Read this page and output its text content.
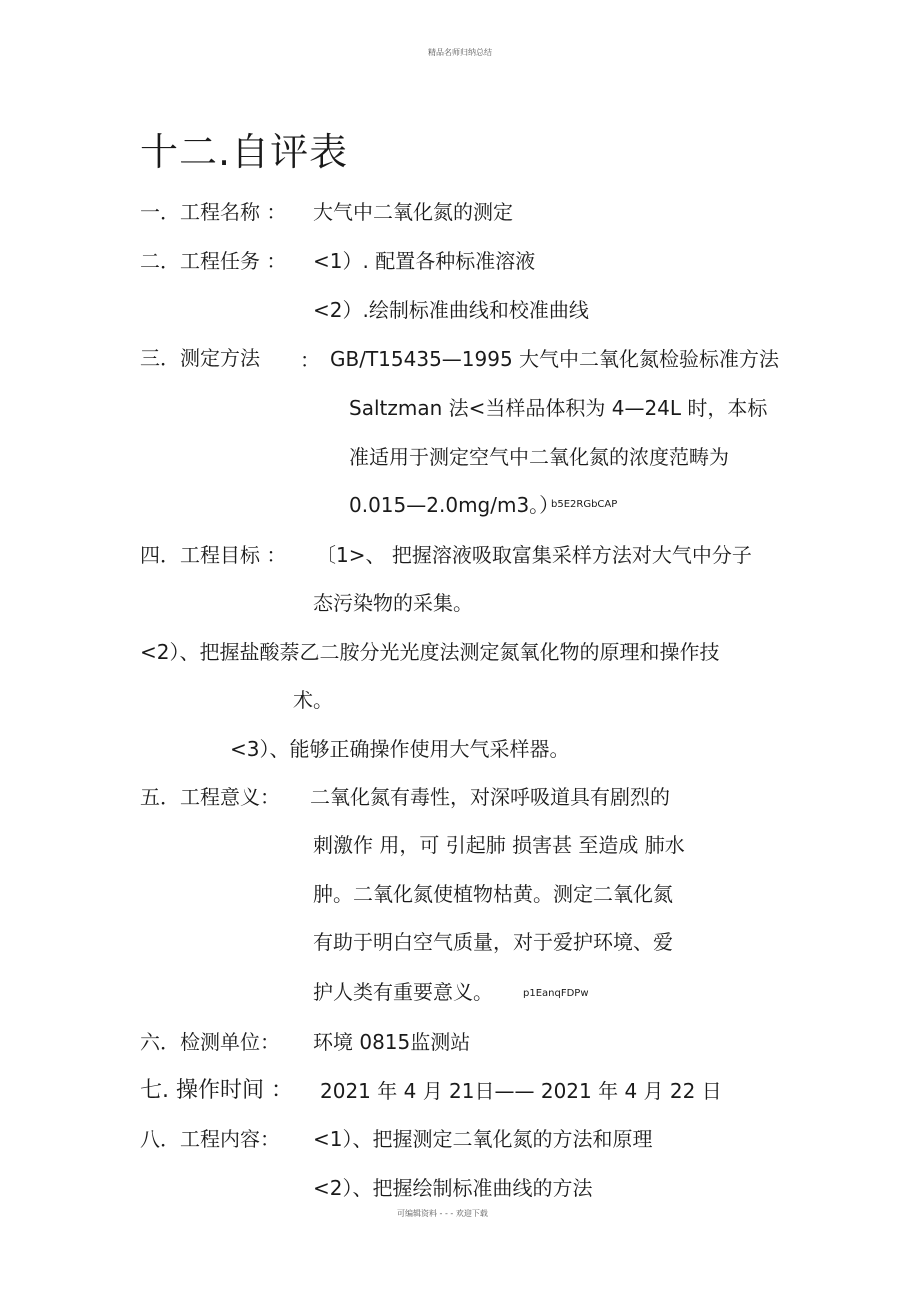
精品名师归纳总结
十二.自评表
一．工程名称 ： 大气中二氧化氮的测定
二．工程任务 ： <1）. 配置各种标准溶液
<2）.绘制标准曲线和校准曲线
三．测定方法 ： GB/T15435—1995 大气中二氧化氮检验标准方法
Saltzman 法<当样品体积为 4—24L 时，本标
准适用于测定空气中二氧化氮的浓度范畴为
0.015—2.0mg/m3。）
b5E2RGbCAP
四．工程目标 ： 〔1>、 把握溶液吸取富集采样方法对大气中分子
态污染物的采集。
<2）、把握盐酸萘乙二胺分光光度法测定氮氧化物的原理和操作技
术。
<3）、能够正确操作使用大气采样器。
五．工程意义： 二氧化氮有毒性，对深呼吸道具有剧烈的
刺激作 用，可 引起肺 损害甚 至造成 肺水
肿。二氧化氮使植物枯黄。测定二氧化氮
有助于明白空气质量，对于爱护环境、爱
护人类有重要意义。	p1EanqFDPw
六．检测单位： 环境 0815监测站
七. 操作时间 ： 2021 年 4 月 21日—— 2021 年 4 月 22 日
八．工程内容： <1）、把握测定二氧化氮的方法和原理
<2）、把握绘制标准曲线的方法
可编辑资料 - - - 欢迎下载
